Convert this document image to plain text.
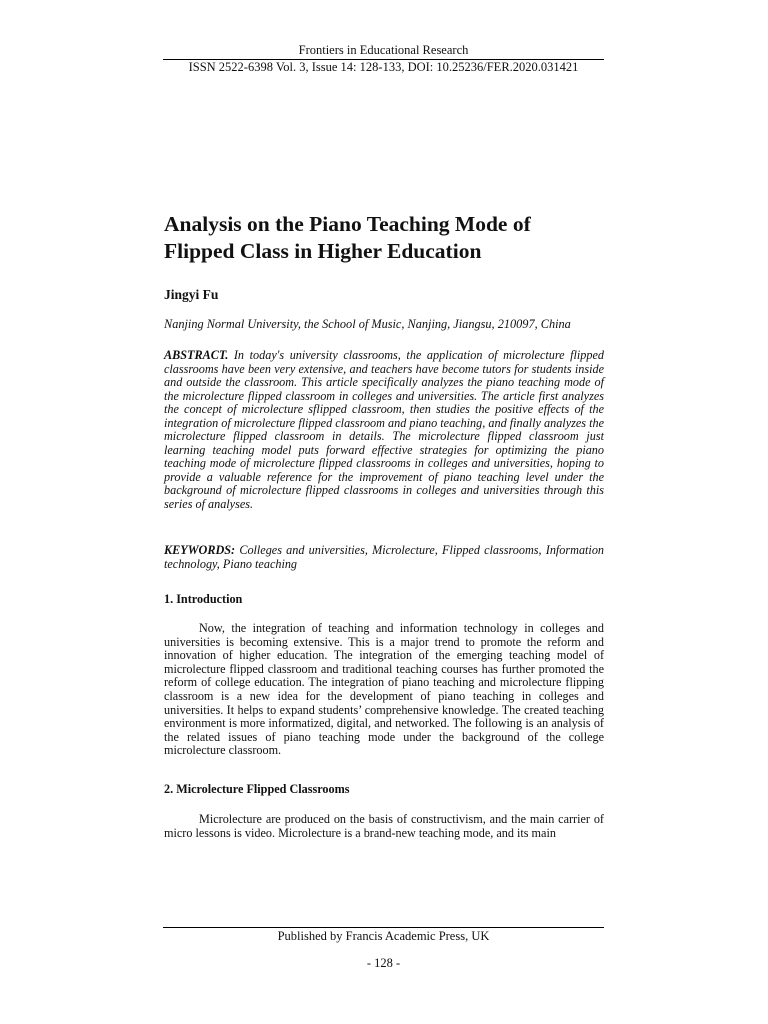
Frontiers in Educational Research
ISSN 2522-6398 Vol. 3, Issue 14: 128-133, DOI: 10.25236/FER.2020.031421
Analysis on the Piano Teaching Mode of Flipped Class in Higher Education
Jingyi Fu
Nanjing Normal University, the School of Music, Nanjing, Jiangsu, 210097, China

ABSTRACT. In today's university classrooms, the application of microlecture flipped classrooms have been very extensive, and teachers have become tutors for students inside and outside the classroom. This article specifically analyzes the piano teaching mode of the microlecture flipped classroom in colleges and universities. The article first analyzes the concept of microlecture sflipped classroom, then studies the positive effects of the integration of microlecture flipped classroom and piano teaching, and finally analyzes the microlecture flipped classroom in details. The microlecture flipped classroom just learning teaching model puts forward effective strategies for optimizing the piano teaching mode of microlecture flipped classrooms in colleges and universities, hoping to provide a valuable reference for the improvement of piano teaching level under the background of microlecture flipped classrooms in colleges and universities through this series of analyses.

KEYWORDS: Colleges and universities, Microlecture, Flipped classrooms, Information technology, Piano teaching

1. Introduction

Now, the integration of teaching and information technology in colleges and universities is becoming extensive. This is a major trend to promote the reform and innovation of higher education. The integration of the emerging teaching model of microlecture flipped classroom and traditional teaching courses has further promoted the reform of college education. The integration of piano teaching and microlecture flipping classroom is a new idea for the development of piano teaching in colleges and universities. It helps to expand students’ comprehensive knowledge. The created teaching environment is more informatized, digital, and networked. The following is an analysis of the related issues of piano teaching mode under the background of the college microlecture classroom.

2. Microlecture Flipped Classrooms

Microlecture are produced on the basis of constructivism, and the main carrier of micro lessons is video. Microlecture is a brand-new teaching mode, and its main

Published by Francis Academic Press, UK
- 128 -
